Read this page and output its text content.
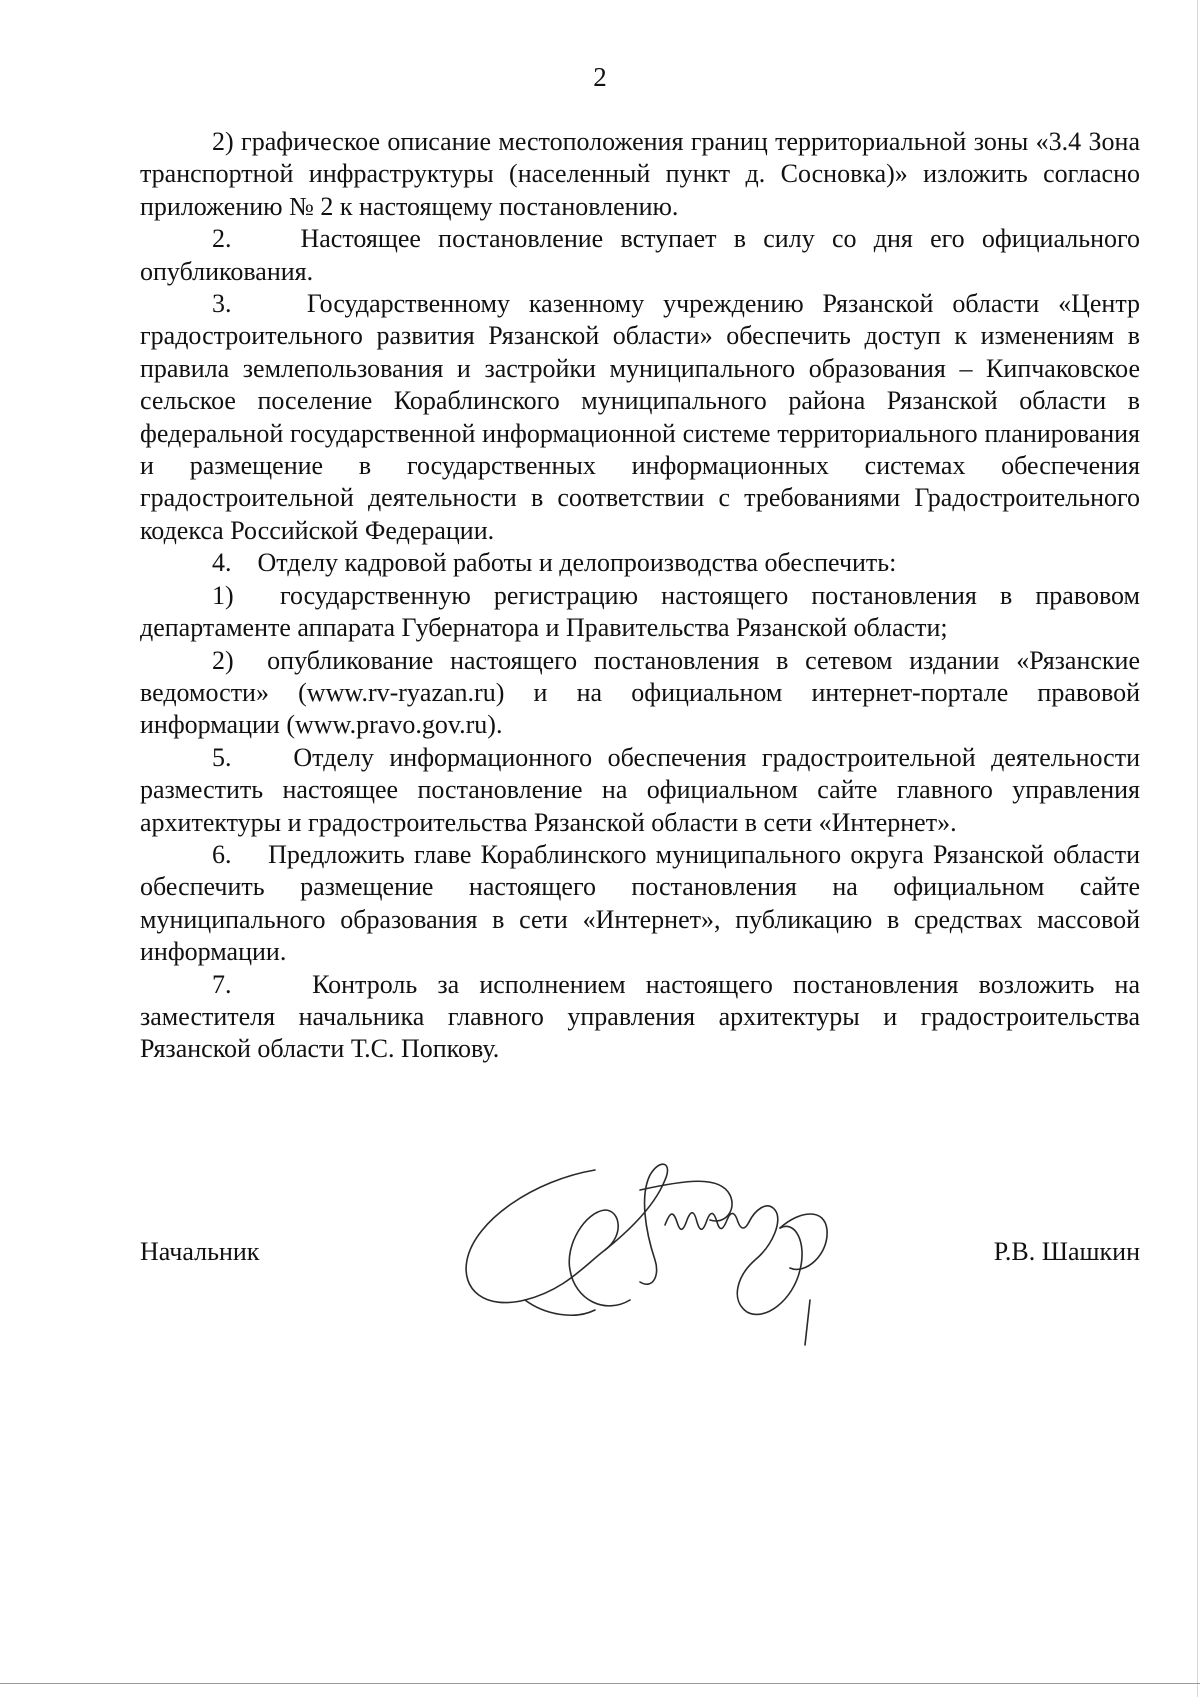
2

2) графическое описание местоположения границ территориальной зоны «3.4 Зона транспортной инфраструктуры (населенный пункт д. Сосновка)» изложить согласно приложению № 2 к настоящему постановлению.

2.    Настоящее постановление вступает в силу со дня его официального опубликования.

3.    Государственному казенному учреждению Рязанской области «Центр градостроительного развития Рязанской области» обеспечить доступ к изменениям в правила землепользования и застройки муниципального образования – Кипчаковское сельское поселение Кораблинского муниципального района Рязанской области в федеральной государственной информационной системе территориального планирования и размещение в государственных информационных системах обеспечения градостроительной деятельности в соответствии с требованиями Градостроительного кодекса Российской Федерации.

4.    Отделу кадровой работы и делопроизводства обеспечить:

1)  государственную регистрацию настоящего постановления в правовом департаменте аппарата Губернатора и Правительства Рязанской области;

2)  опубликование настоящего постановления в сетевом издании «Рязанские ведомости» (www.rv-ryazan.ru) и на официальном интернет-портале правовой информации (www.pravo.gov.ru).

5.    Отделу информационного обеспечения градостроительной деятельности разместить настоящее постановление на официальном сайте главного управления архитектуры и градостроительства Рязанской области в сети «Интернет».

6.    Предложить главе Кораблинского муниципального округа Рязанской области обеспечить размещение настоящего постановления на официальном сайте муниципального образования в сети «Интернет», публикацию в средствах массовой информации.

7.    Контроль за исполнением настоящего постановления возложить на заместителя начальника главного управления архитектуры и градостроительства Рязанской области Т.С. Попкову.

Начальник	Р.В. Шашкин
